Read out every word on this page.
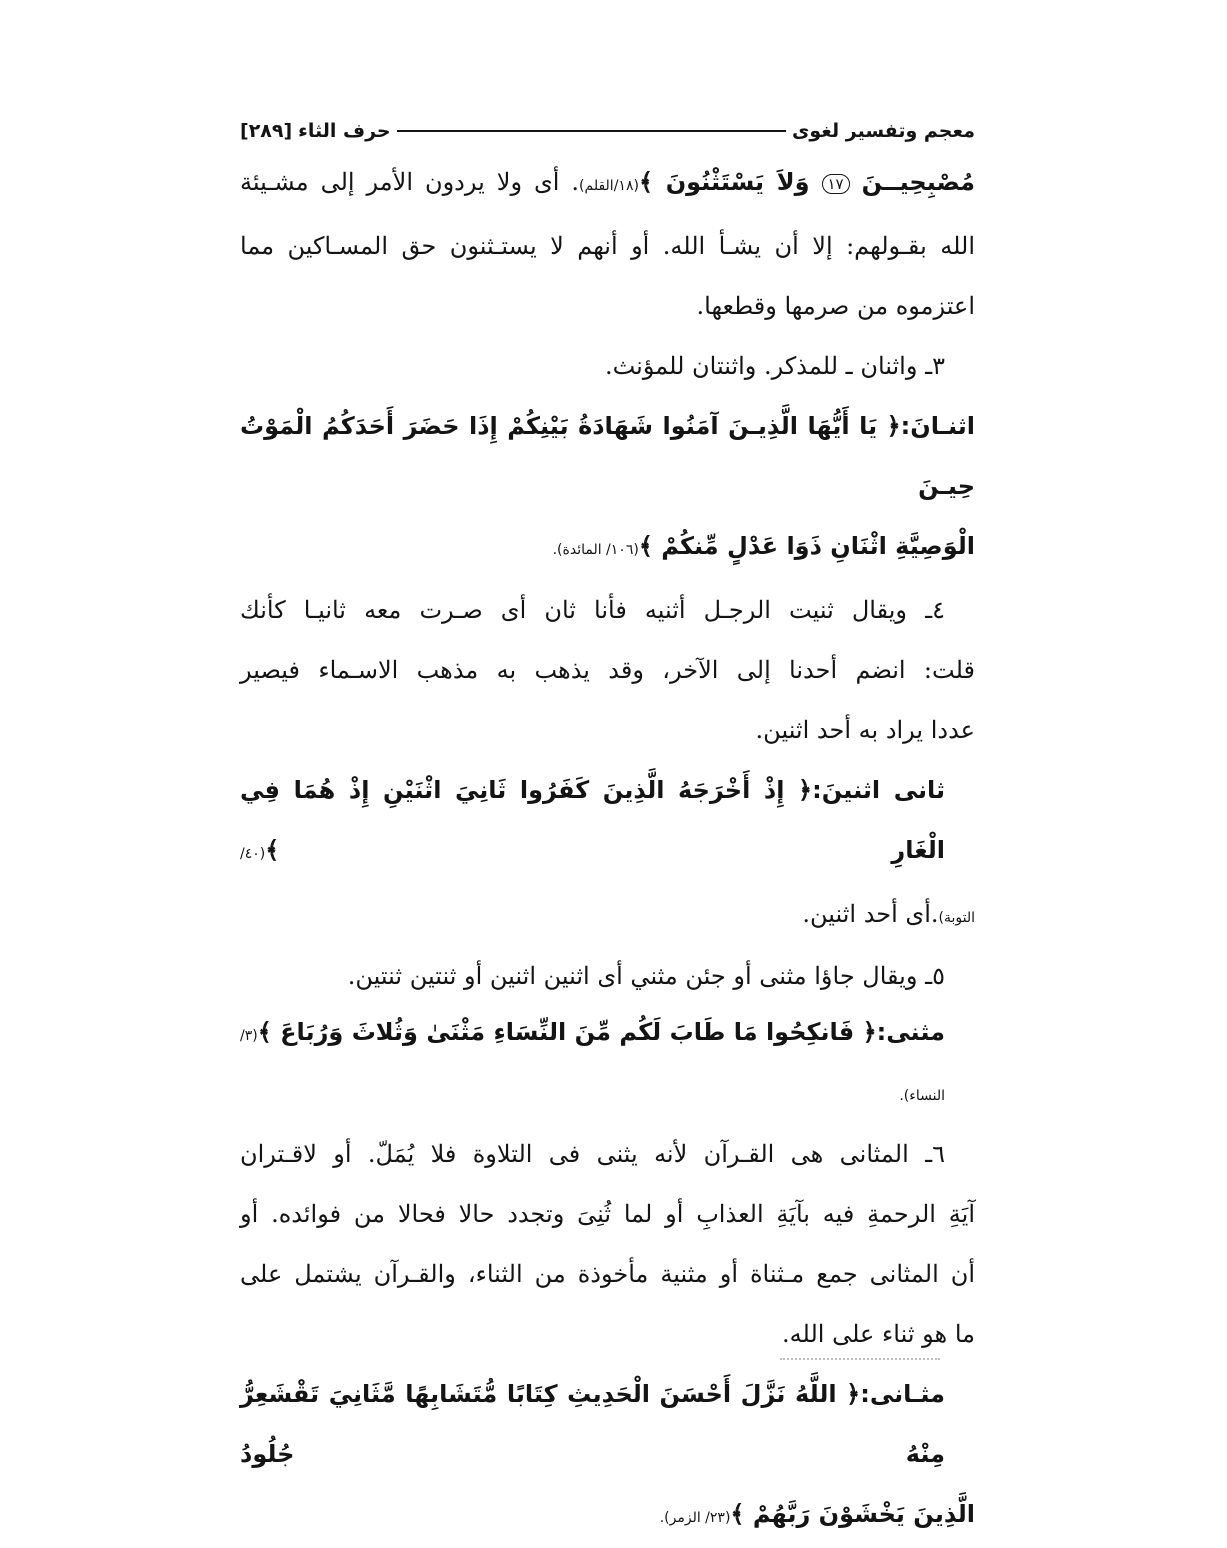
معجم وتفسير لغوى
حرف الثاء
[٢٨٩]

مُصْبِحِيــنَ ١٧ وَلاَ يَسْتَثْنُونَ ﴾(١٨/القلم). أى ولا يردون الأمر إلى مشـيئة
الله بقـولهم: إلا أن يشـأ الله. أو أنهم لا يستـثنون حق المسـاكين مما
اعتزموه من صرمها وقطعها.

٣ـ واثنان ـ للمذكر. واثنتان للمؤنث.

اثنـانَ:﴿ يَا أَيُّهَا الَّذِيـنَ آمَنُوا شَهَادَةُ بَيْنِكُمْ إِذَا حَضَرَ أَحَدَكُمُ الْمَوْتُ حِيـنَ
الْوَصِيَّةِ اثْنَانِ ذَوَا عَدْلٍ مِّنكُمْ ﴾(١٠٦/ المائدة).

٤ـ ويقال ثنيت الرجـل أثنيه فأنا ثان أى صـرت معه ثانيـا كأنك
قلت: انضم أحدنا إلى الآخر، وقد يذهب به مذهب الاسـماء فيصير
عددا يراد به أحد اثنين.

ثانى اثنينَ:﴿ إِذْ أَخْرَجَهُ الَّذِينَ كَفَرُوا ثَانِيَ اثْنَيْنِ إِذْ هُمَا فِي الْغَارِ ﴾(٤٠/
التوبة).أى أحد اثنين.

٥ـ ويقال جاؤا مثنى أو جئن مثني أى اثنين اثنين أو ثنتين ثنتين.

مثنى:﴿ فَانكِحُوا مَا طَابَ لَكُم مِّنَ النِّسَاءِ مَثْنَىٰ وَثُلاثَ وَرُبَاعَ ﴾(٣/ النساء).

٦ـ المثانى هى القـرآن لأنه يثنى فى التلاوة فلا يُمَلّ. أو لاقـتران
آيَةِ الرحمةِ فيه بآيَةِ العذابِ أو لما ثُنِىَ وتجدد حالا فحالا من فوائده. أو
أن المثانى جمع مـثناة أو مثنية مأخوذة من الثناء، والقـرآن يشتمل على
ما هو ثناء على الله.

مثـانى:﴿ اللَّهُ نَزَّلَ أَحْسَنَ الْحَدِيثِ كِتَابًا مُّتَشَابِهًا مَّثَانِيَ تَقْشَعِرُّ مِنْهُ جُلُودُ
الَّذِينَ يَخْشَوْنَ رَبَّهُمْ ﴾(٢٣/ الزمر).
